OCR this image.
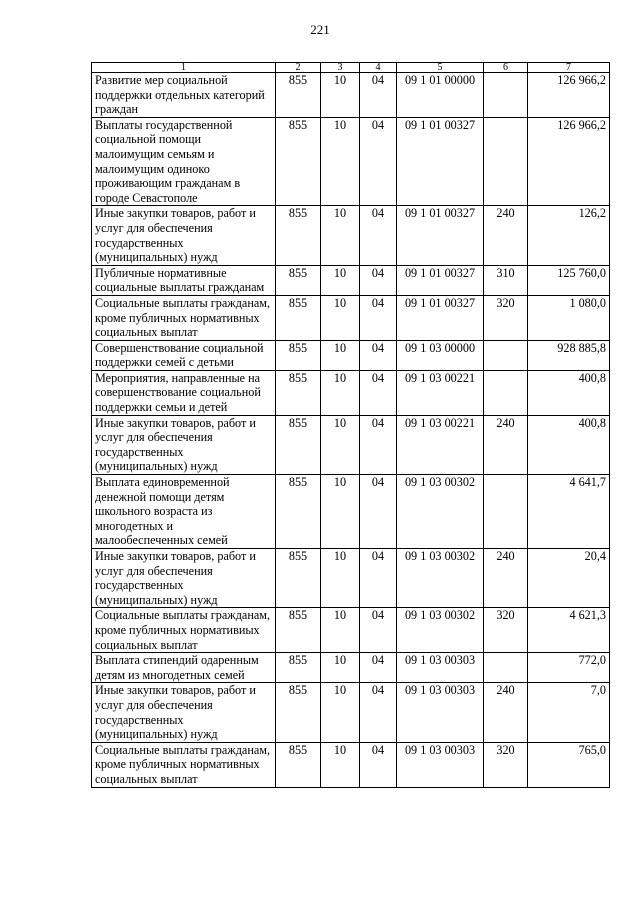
221
1	2	3	4	5	6	7
Развитие мер социальной поддержки отдельных категорий граждан	855	10	04	09 1 01 00000		126 966,2
Выплаты государственной социальной помощи малоимущим семьям и малоимущим одиноко проживающим гражданам в городе Севастополе	855	10	04	09 1 01 00327		126 966,2
Иные закупки товаров, работ и услуг для обеспечения государственных (муниципальных) нужд	855	10	04	09 1 01 00327	240	126,2
Публичные нормативные социальные выплаты гражданам	855	10	04	09 1 01 00327	310	125 760,0
Социальные выплаты гражданам, кроме публичных нормативных социальных выплат	855	10	04	09 1 01 00327	320	1 080,0
Совершенствование социальной поддержки семей с детьми	855	10	04	09 1 03 00000		928 885,8
Мероприятия, направленные на совершенствование социальной поддержки семьи и детей	855	10	04	09 1 03 00221		400,8
Иные закупки товаров, работ и услуг для обеспечения государственных (муниципальных) нужд	855	10	04	09 1 03 00221	240	400,8
Выплата единовременной денежной помощи детям школьного возраста из многодетных и малообеспеченных семей	855	10	04	09 1 03 00302		4 641,7
Иные закупки товаров, работ и услуг для обеспечения государственных (муниципальных) нужд	855	10	04	09 1 03 00302	240	20,4
Социальные выплаты гражданам, кроме публичных нормативиых социальных выплат	855	10	04	09 1 03 00302	320	4 621,3
Выплата стипендий одаренным детям из многодетных семей	855	10	04	09 1 03 00303		772,0
Иные закупки товаров, работ и услуг для обеспечения государственных (муниципальных) нужд	855	10	04	09 1 03 00303	240	7,0
Социальные выплаты гражданам, кроме публичных нормативных социальных выплат	855	10	04	09 1 03 00303	320	765,0
